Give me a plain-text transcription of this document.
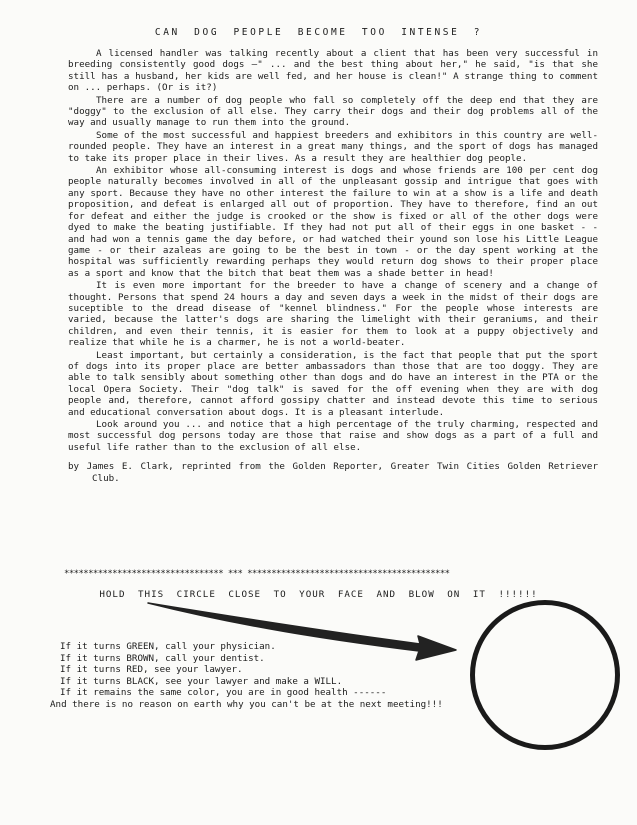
CAN DOG PEOPLE BECOME TOO INTENSE ?

A licensed handler was talking recently about a client that has been very successful in breeding consistently good dogs —" ... and the best thing about her," he said, "is that she still has a husband, her kids are well fed, and her house is clean!" A strange thing to comment on ... perhaps. (Or is it?)

There are a number of dog people who fall so completely off the deep end that they are "doggy" to the exclusion of all else. They carry their dogs and their dog problems all of the way and usually manage to run them into the ground.

Some of the most successful and happiest breeders and exhibitors in this country are well-rounded people. They have an interest in a great many things, and the sport of dogs has managed to take its proper place in their lives. As a result they are healthier dog people.

An exhibitor whose all-consuming interest is dogs and whose friends are 100 per cent dog people naturally becomes involved in all of the unpleasant gossip and intrigue that goes with any sport. Because they have no other interest the failure to win at a show is a life and death proposition, and defeat is enlarged all out of proportion. They have to therefore, find an out for defeat and either the judge is crooked or the show is fixed or all of the other dogs were dyed to make the beating justifiable. If they had not put all of their eggs in one basket - - and had won a tennis game the day before, or had watched their yound son lose his Little League game - or their azaleas are going to be the best in town - or the day spent working at the hospital was sufficiently rewarding perhaps they would return dog shows to their proper place as a sport and know that the bitch that beat them was a shade better in head!

It is even more important for the breeder to have a change of scenery and a change of thought. Persons that spend 24 hours a day and seven days a week in the midst of their dogs are suceptible to the dread disease of "kennel blindness." For the people whose interests are varied, because the latter's dogs are sharing the limelight with their geraniums, and their children, and even their tennis, it is easier for them to look at a puppy objectively and realize that while he is a charmer, he is not a world-beater.

Least important, but certainly a consideration, is the fact that people that put the sport of dogs into its proper place are better ambassadors than those that are too doggy. They are able to talk sensibly about something other than dogs and do have an interest in the PTA or the local Opera Society. Their "dog talk" is saved for the off evening when they are with dog people and, therefore, cannot afford gossipy chatter and instead devote this time to serious and educational conversation about dogs. It is a pleasant interlude.

Look around you ... and notice that a high percentage of the truly charming, respected and most successful dog persons today are those that raise and show dogs as a part of a full and useful life rather than to the exclusion of all else.

by James E. Clark, reprinted from the Golden Reporter, Greater Twin Cities Golden Retriever Club.
********************************* *** ******************************************
HOLD THIS CIRCLE CLOSE TO YOUR FACE AND BLOW ON IT !!!!!!
If it turns GREEN, call your physician.
If it turns BROWN, call your dentist.
If it turns RED, see your lawyer.
If it turns BLACK, see your lawyer and make a WILL.
If it remains the same color, you are in good health ------
And there is no reason on earth why you can't be at the next meeting!!!
